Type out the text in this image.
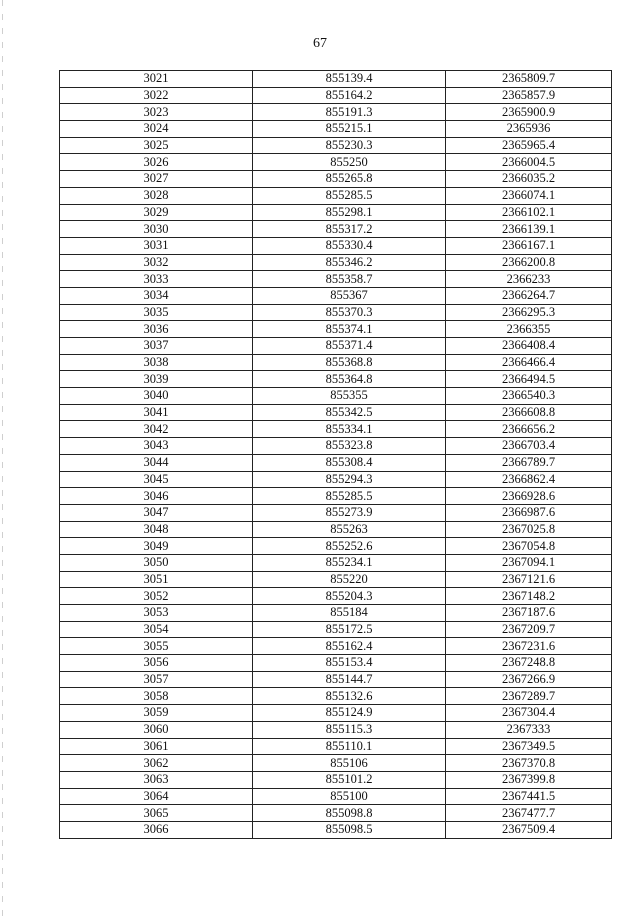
67
3021	855139.4	2365809.7
3022	855164.2	2365857.9
3023	855191.3	2365900.9
3024	855215.1	2365936
3025	855230.3	2365965.4
3026	855250	2366004.5
3027	855265.8	2366035.2
3028	855285.5	2366074.1
3029	855298.1	2366102.1
3030	855317.2	2366139.1
3031	855330.4	2366167.1
3032	855346.2	2366200.8
3033	855358.7	2366233
3034	855367	2366264.7
3035	855370.3	2366295.3
3036	855374.1	2366355
3037	855371.4	2366408.4
3038	855368.8	2366466.4
3039	855364.8	2366494.5
3040	855355	2366540.3
3041	855342.5	2366608.8
3042	855334.1	2366656.2
3043	855323.8	2366703.4
3044	855308.4	2366789.7
3045	855294.3	2366862.4
3046	855285.5	2366928.6
3047	855273.9	2366987.6
3048	855263	2367025.8
3049	855252.6	2367054.8
3050	855234.1	2367094.1
3051	855220	2367121.6
3052	855204.3	2367148.2
3053	855184	2367187.6
3054	855172.5	2367209.7
3055	855162.4	2367231.6
3056	855153.4	2367248.8
3057	855144.7	2367266.9
3058	855132.6	2367289.7
3059	855124.9	2367304.4
3060	855115.3	2367333
3061	855110.1	2367349.5
3062	855106	2367370.8
3063	855101.2	2367399.8
3064	855100	2367441.5
3065	855098.8	2367477.7
3066	855098.5	2367509.4
